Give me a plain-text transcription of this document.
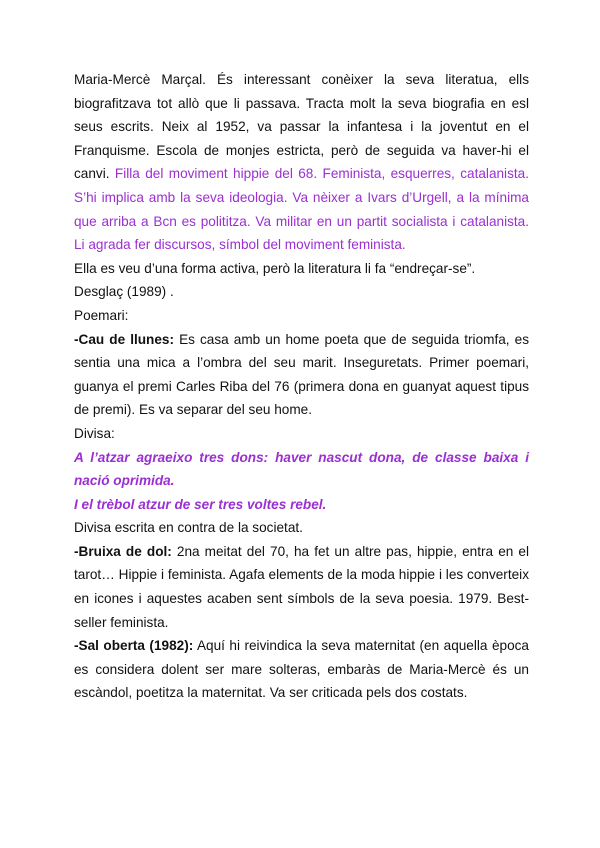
Maria-Mercè Marçal. És interessant conèixer la seva literatua, ells biografitzava tot allò que li passava. Tracta molt la seva biografia en esl seus escrits. Neix al 1952, va passar la infantesa i la joventut en el Franquisme. Escola de monjes estricta, però de seguida va haver-hi el canvi. Filla del moviment hippie del 68. Feminista, esquerres, catalanista. S’hi implica amb la seva ideologia. Va nèixer a Ivars d’Urgell, a la mínima que arriba a Bcn es polititza. Va militar en un partit socialista i catalanista. Li agrada fer discursos, símbol del moviment feminista.

Ella es veu d’una forma activa, però la literatura li fa “endreçar-se”.

Desglaç (1989) .

Poemari:

-Cau de llunes: Es casa amb un home poeta que de seguida triomfa, es sentia una mica a l’ombra del seu marit. Inseguretats. Primer poemari, guanya el premi Carles Riba del 76 (primera dona en guanyat aquest tipus de premi). Es va separar del seu home.

Divisa:

A l’atzar agraeixo tres dons: haver nascut dona, de classe baixa i nació oprimida.

I el trèbol atzur de ser tres voltes rebel.

Divisa escrita en contra de la societat.

-Bruixa de dol: 2na meitat del 70, ha fet un altre pas, hippie, entra en el tarot… Hippie i feminista. Agafa elements de la moda hippie i les converteix en icones i aquestes acaben sent símbols de la seva poesia. 1979. Best-seller feminista.

-Sal oberta (1982): Aquí hi reivindica la seva maternitat (en aquella època es considera dolent ser mare solteras, embaràs de Maria-Mercè és un escàndol, poetitza la maternitat. Va ser criticada pels dos costats.
